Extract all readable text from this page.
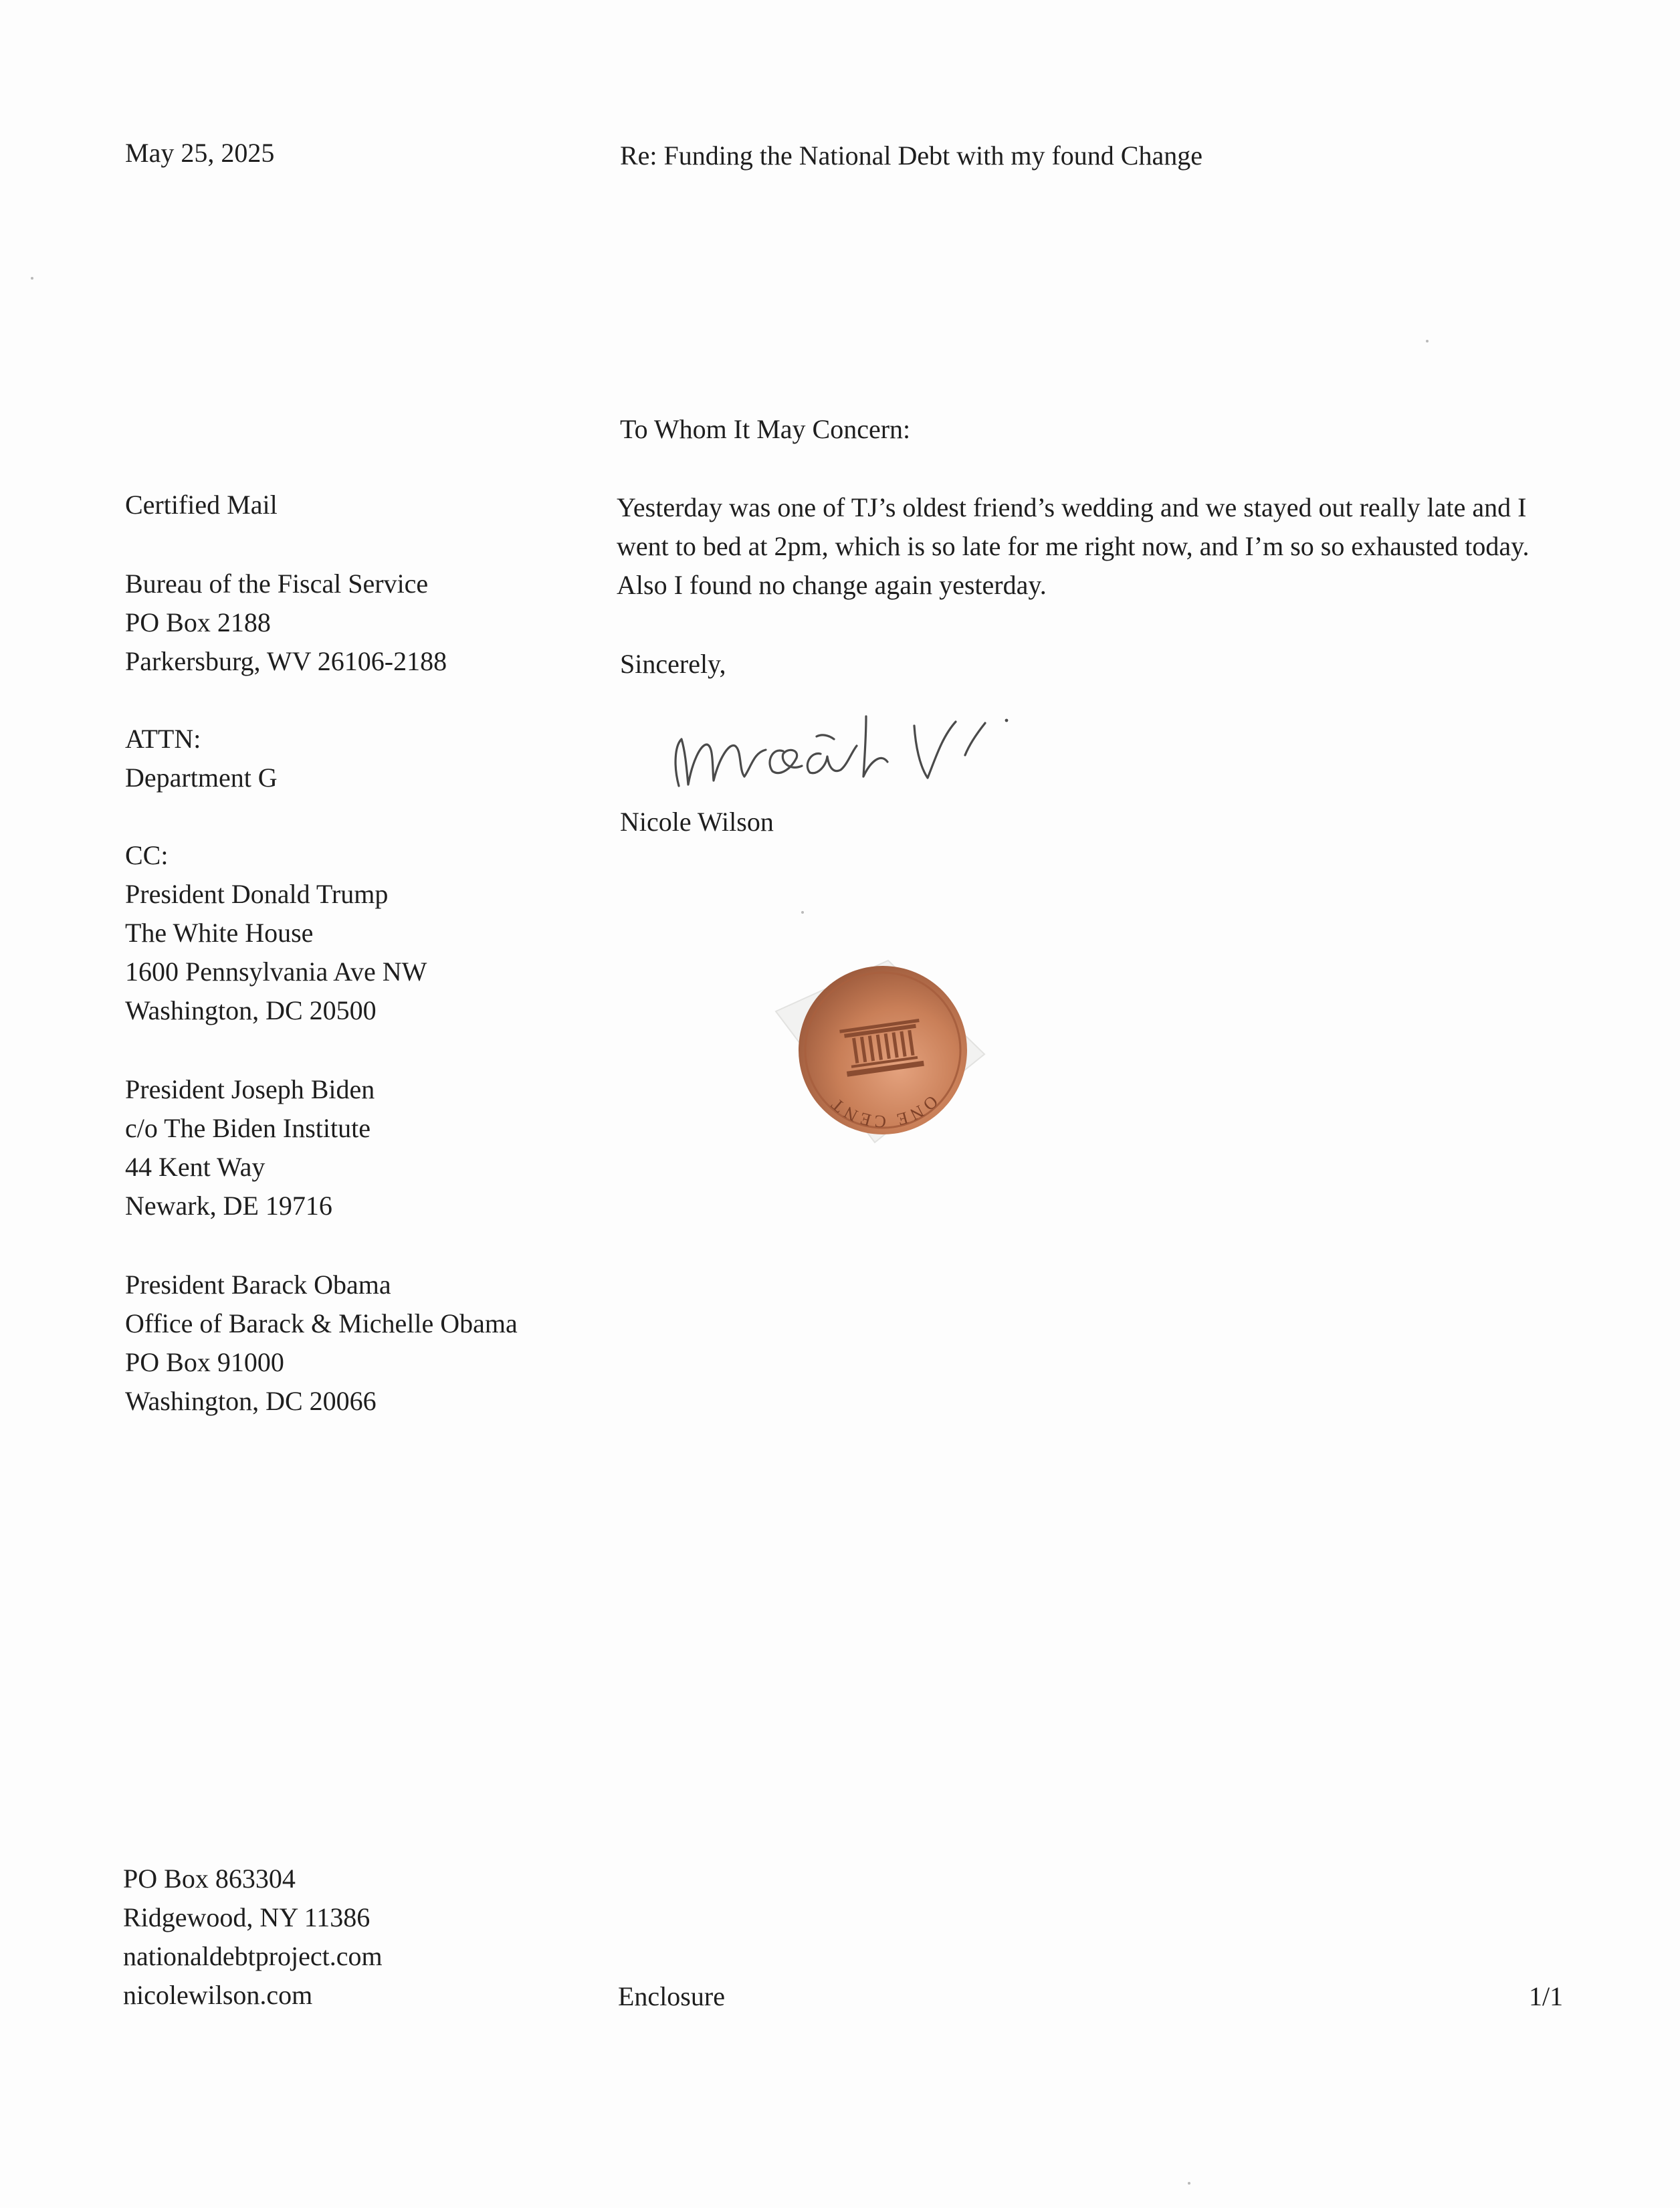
May 25, 2025	Re: Funding the National Debt with my found Change
To Whom It May Concern:
Certified Mail
Bureau of the Fiscal Service
PO Box 2188
Parkersburg, WV 26106-2188
ATTN:
Department G
CC:
President Donald Trump
The White House
1600 Pennsylvania Ave NW
Washington, DC 20500
President Joseph Biden
c/o The Biden Institute
44 Kent Way
Newark, DE 19716
President Barack Obama
Office of Barack & Michelle Obama
PO Box 91000
Washington, DC 20066
Yesterday was one of TJ’s oldest friend’s wedding and we stayed out really late and I went to bed at 2pm, which is so late for me right now, and I’m so so exhausted today. Also I found no change again yesterday.
Sincerely,
Nicole Wilson
ONE CENT
PO Box 863304
Ridgewood, NY 11386
nationaldebtproject.com
nicolewilson.com	Enclosure	1/1
